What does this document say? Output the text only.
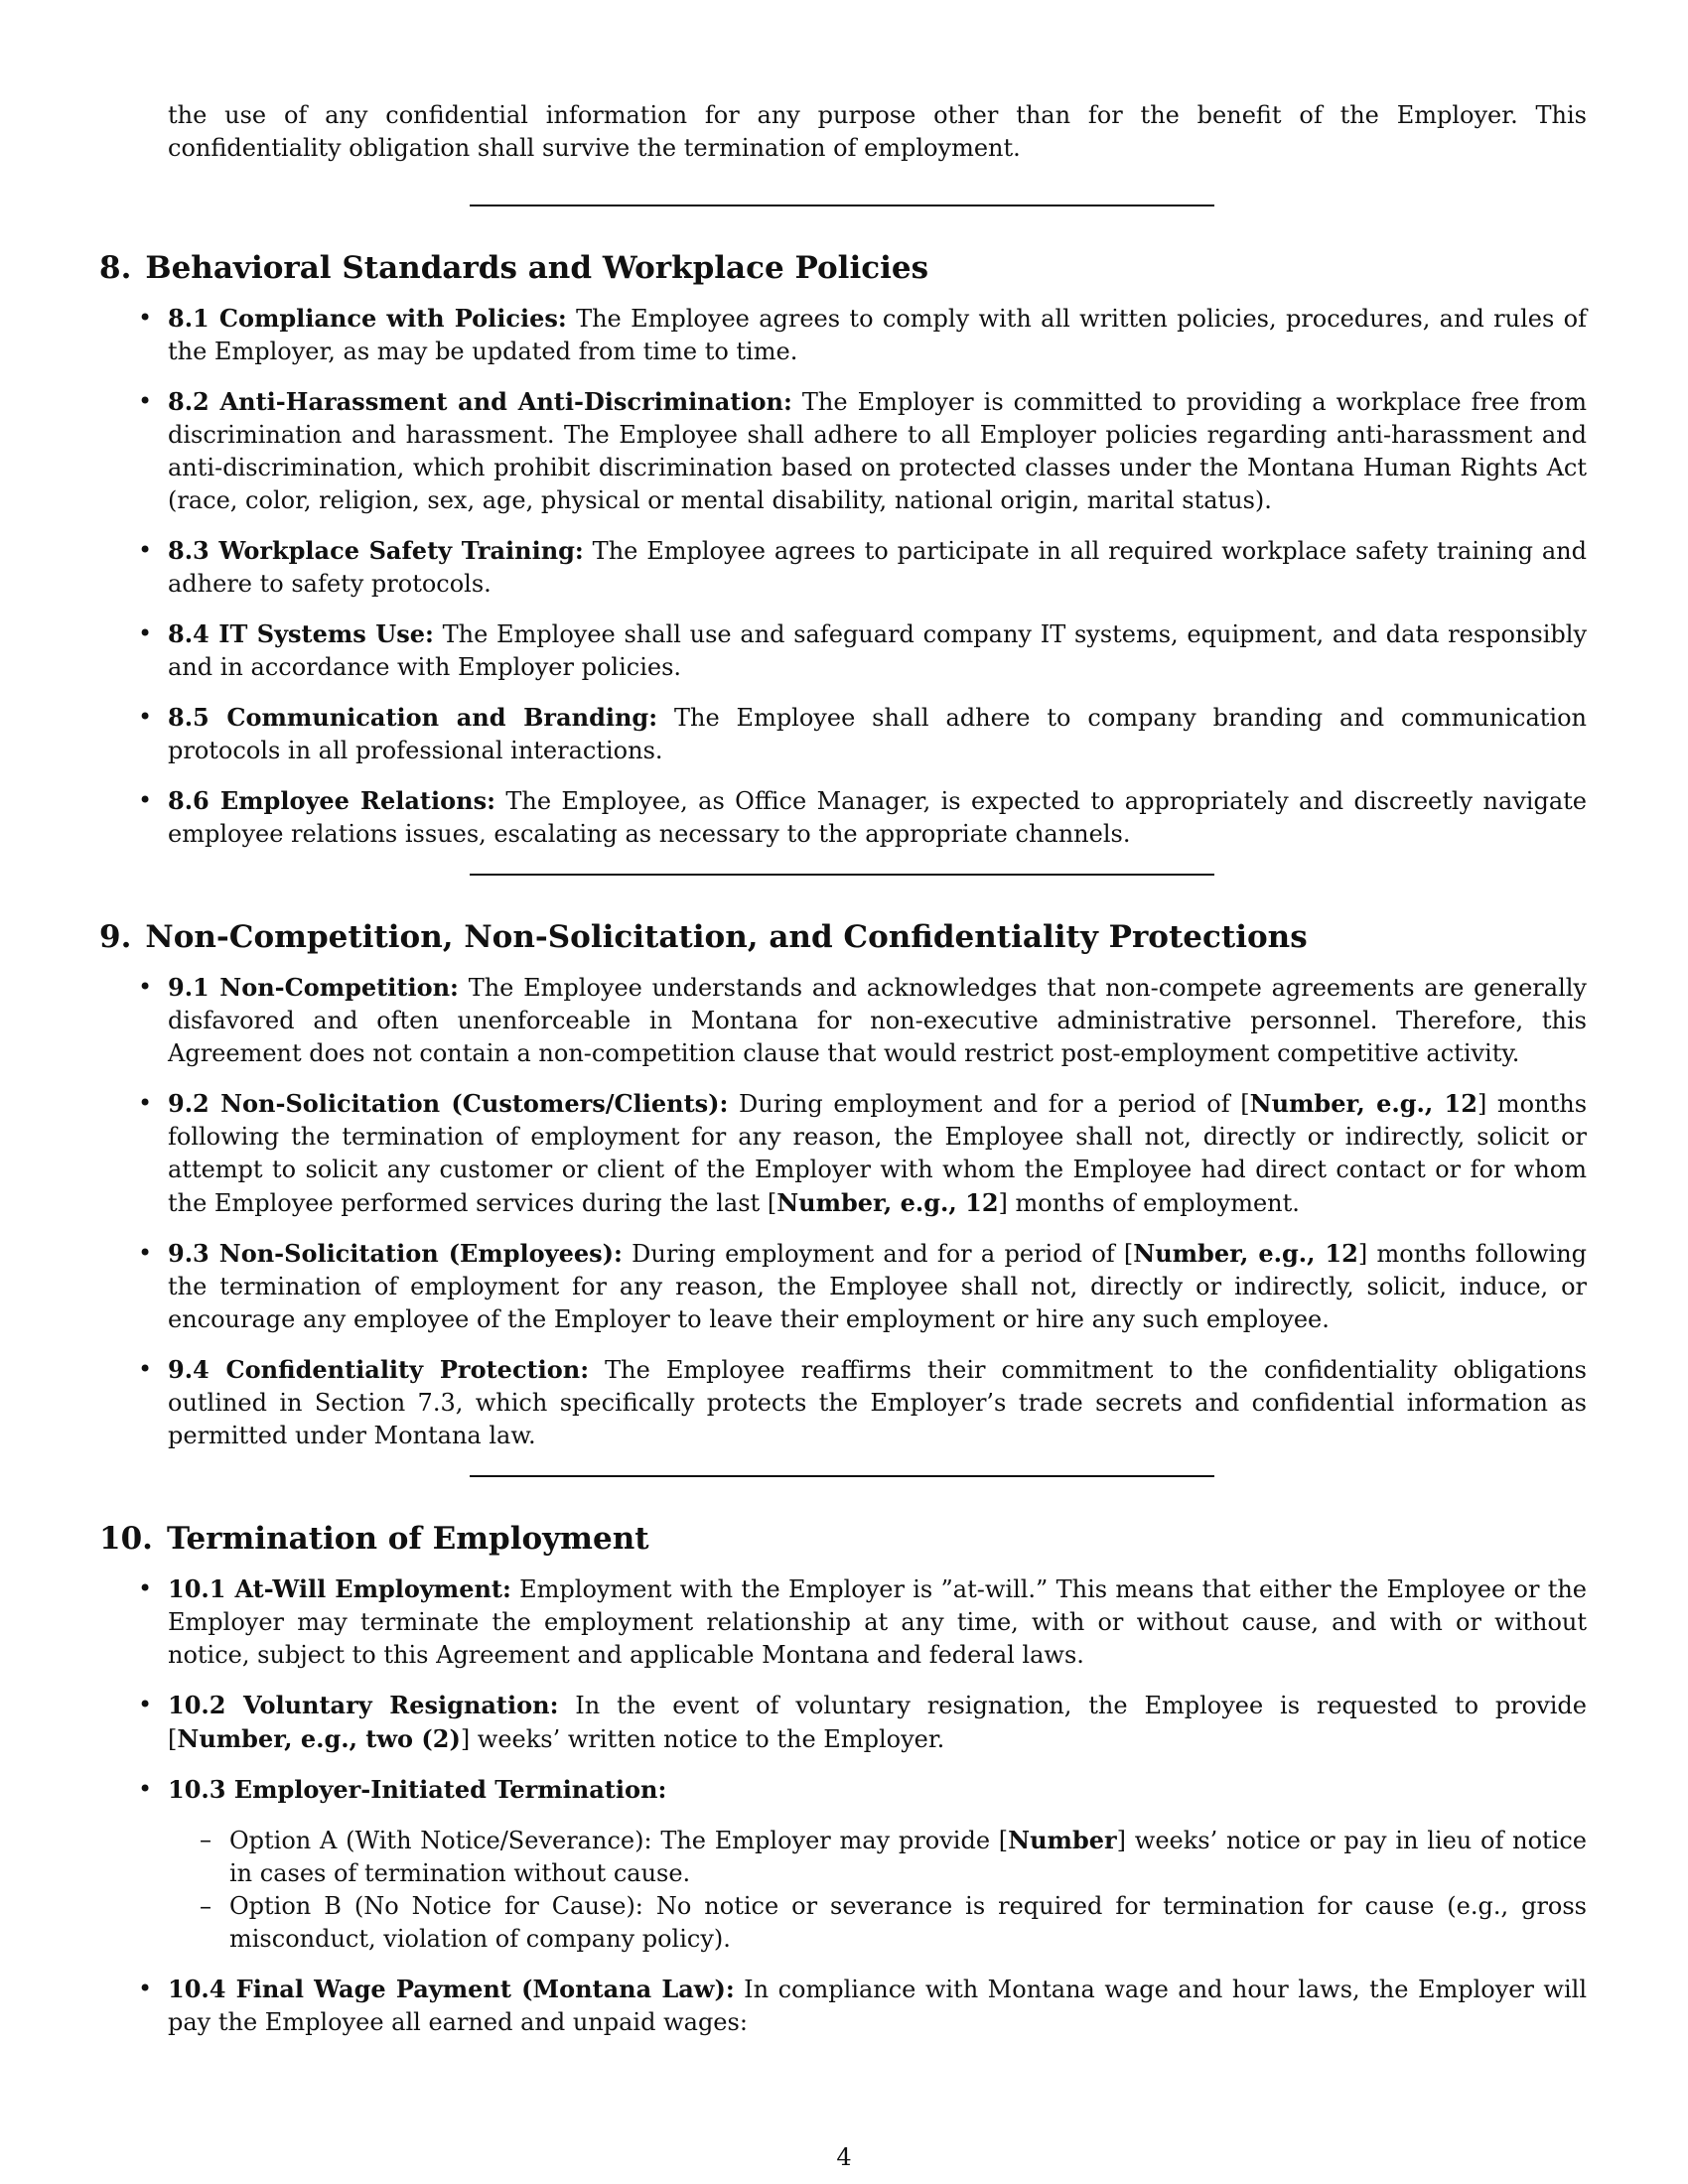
the use of any confidential information for any purpose other than for the benefit of the Employer. This confidentiality obligation shall survive the termination of employment.

8. Behavioral Standards and Workplace Policies
• 8.1 Compliance with Policies: The Employee agrees to comply with all written policies, procedures, and rules of the Employer, as may be updated from time to time.
• 8.2 Anti-Harassment and Anti-Discrimination: The Employer is committed to providing a workplace free from discrimination and harassment. The Employee shall adhere to all Employer policies regarding anti-harassment and anti-discrimination, which prohibit discrimination based on protected classes under the Montana Human Rights Act (race, color, religion, sex, age, physical or mental disability, national origin, marital status).
• 8.3 Workplace Safety Training: The Employee agrees to participate in all required workplace safety training and adhere to safety protocols.
• 8.4 IT Systems Use: The Employee shall use and safeguard company IT systems, equipment, and data responsibly and in accordance with Employer policies.
• 8.5 Communication and Branding: The Employee shall adhere to company branding and communication protocols in all professional interactions.
• 8.6 Employee Relations: The Employee, as Office Manager, is expected to appropriately and discreetly navigate employee relations issues, escalating as necessary to the appropriate channels.
9. Non-Competition, Non-Solicitation, and Confidentiality Protections
• 9.1 Non-Competition: The Employee understands and acknowledges that non-compete agreements are generally disfavored and often unenforceable in Montana for non-executive administrative personnel. Therefore, this Agreement does not contain a non-competition clause that would restrict post-employment competitive activity.
• 9.2 Non-Solicitation (Customers/Clients): During employment and for a period of [Number, e.g., 12] months following the termination of employment for any reason, the Employee shall not, directly or indirectly, solicit or attempt to solicit any customer or client of the Employer with whom the Employee had direct contact or for whom the Employee performed services during the last [Number, e.g., 12] months of employment.
• 9.3 Non-Solicitation (Employees): During employment and for a period of [Number, e.g., 12] months following the termination of employment for any reason, the Employee shall not, directly or indirectly, solicit, induce, or encourage any employee of the Employer to leave their employment or hire any such employee.
• 9.4 Confidentiality Protection: The Employee reaffirms their commitment to the confidentiality obligations outlined in Section 7.3, which specifically protects the Employer’s trade secrets and confidential information as permitted under Montana law.
10. Termination of Employment
• 10.1 At-Will Employment: Employment with the Employer is ”at-will.” This means that either the Employee or the Employer may terminate the employment relationship at any time, with or without cause, and with or without notice, subject to this Agreement and applicable Montana and federal laws.
• 10.2 Voluntary Resignation: In the event of voluntary resignation, the Employee is requested to provide [Number, e.g., two (2)] weeks’ written notice to the Employer.
• 10.3 Employer-Initiated Termination:
– Option A (With Notice/Severance): The Employer may provide [Number] weeks’ notice or pay in lieu of notice in cases of termination without cause.
– Option B (No Notice for Cause): No notice or severance is required for termination for cause (e.g., gross misconduct, violation of company policy).
• 10.4 Final Wage Payment (Montana Law): In compliance with Montana wage and hour laws, the Employer will pay the Employee all earned and unpaid wages:
4
